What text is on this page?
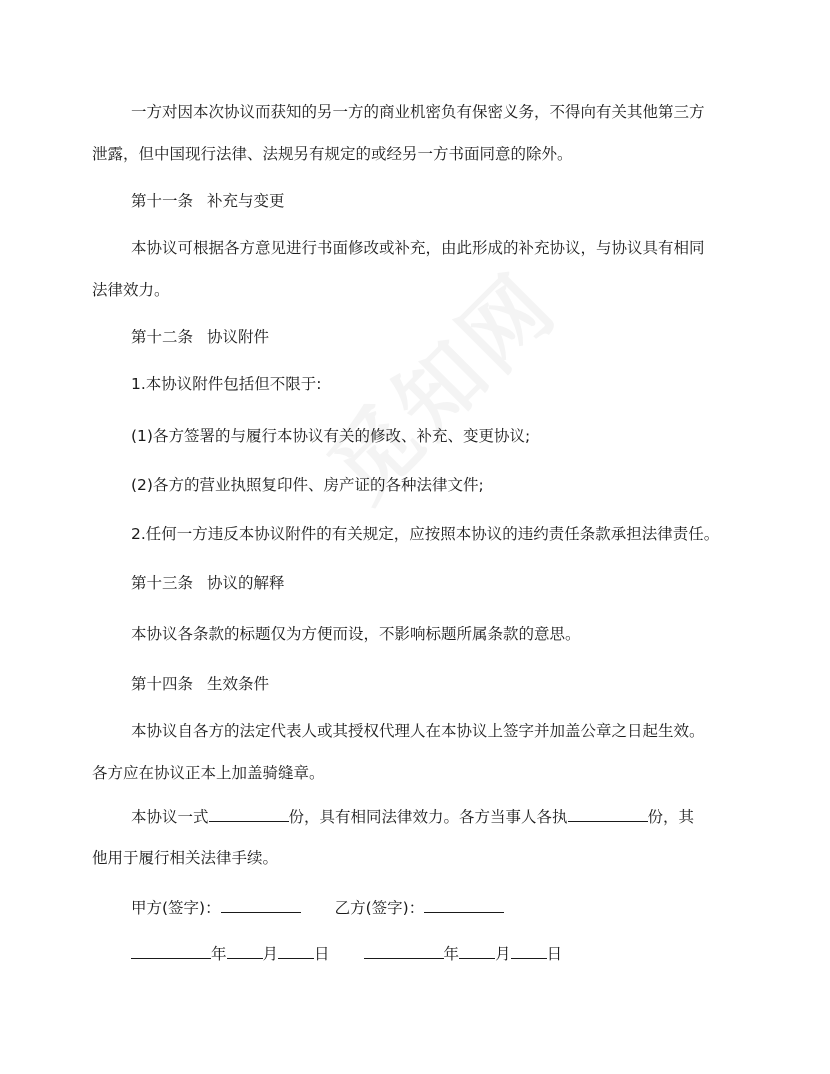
一方对因本次协议而获知的另一方的商业机密负有保密义务，不得向有关其他第三方
泄露，但中国现行法律、法规另有规定的或经另一方书面同意的除外。
第十一条 补充与变更
本协议可根据各方意见进行书面修改或补充，由此形成的补充协议，与协议具有相同
法律效力。
第十二条 协议附件
1.本协议附件包括但不限于:
(1)各方签署的与履行本协议有关的修改、补充、变更协议;
(2)各方的营业执照复印件、房产证的各种法律文件;
2.任何一方违反本协议附件的有关规定，应按照本协议的违约责任条款承担法律责任。
第十三条 协议的解释
本协议各条款的标题仅为方便而设，不影响标题所属条款的意思。
第十四条 生效条件
本协议自各方的法定代表人或其授权代理人在本协议上签字并加盖公章之日起生效。
各方应在协议正本上加盖骑缝章。
本协议一式	份，具有相同法律效力。各方当事人各执	份，其
他用于履行相关法律手续。
甲方(签字)：	乙方(签字)：
年 月 日	年 月 日
